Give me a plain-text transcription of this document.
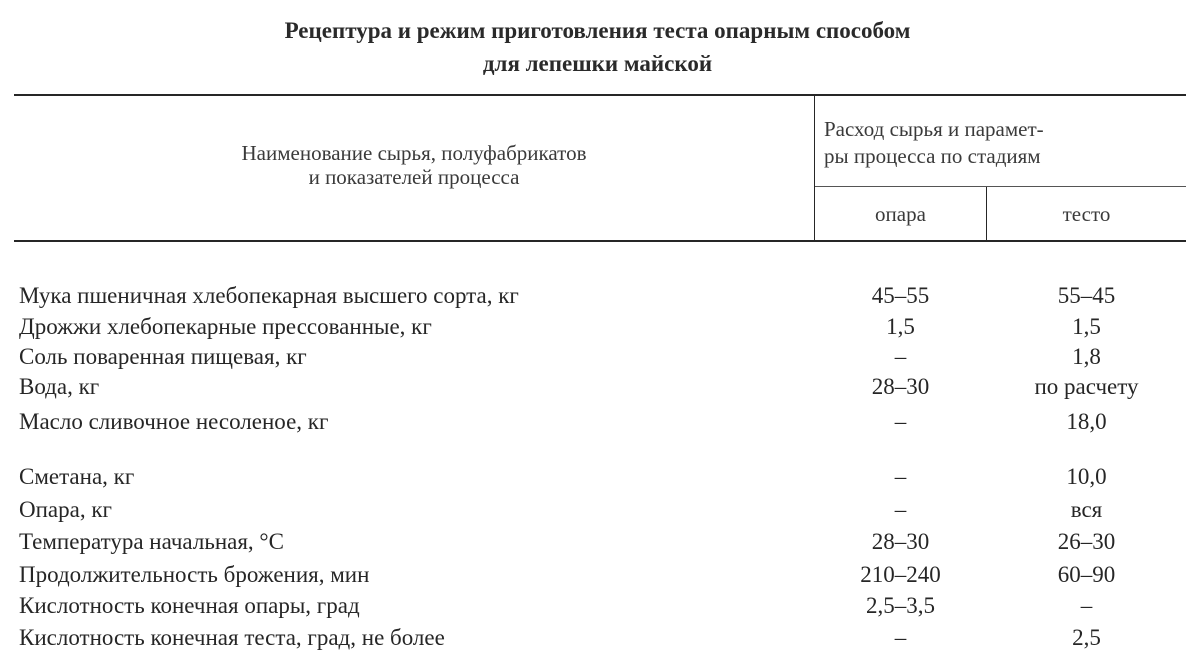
Рецептура и режим приготовления теста опарным способом
для лепешки майской
Наименование сырья, полуфабрикатов
и показателей процесса
Расход сырья и парамет-
ры процесса по стадиям
опара	тесто
Мука пшеничная хлебопекарная высшего сорта, кг	45–55	55–45
Дрожжи хлебопекарные прессованные, кг	1,5	1,5
Соль поваренная пищевая, кг	–	1,8
Вода, кг	28–30	по расчету
Масло сливочное несоленое, кг	–	18,0
Сметана, кг	–	10,0
Опара, кг	–	вся
Температура начальная, °С	28–30	26–30
Продолжительность брожения, мин	210–240	60–90
Кислотность конечная опары, град	2,5–3,5	–
Кислотность конечная теста, град, не более	–	2,5
